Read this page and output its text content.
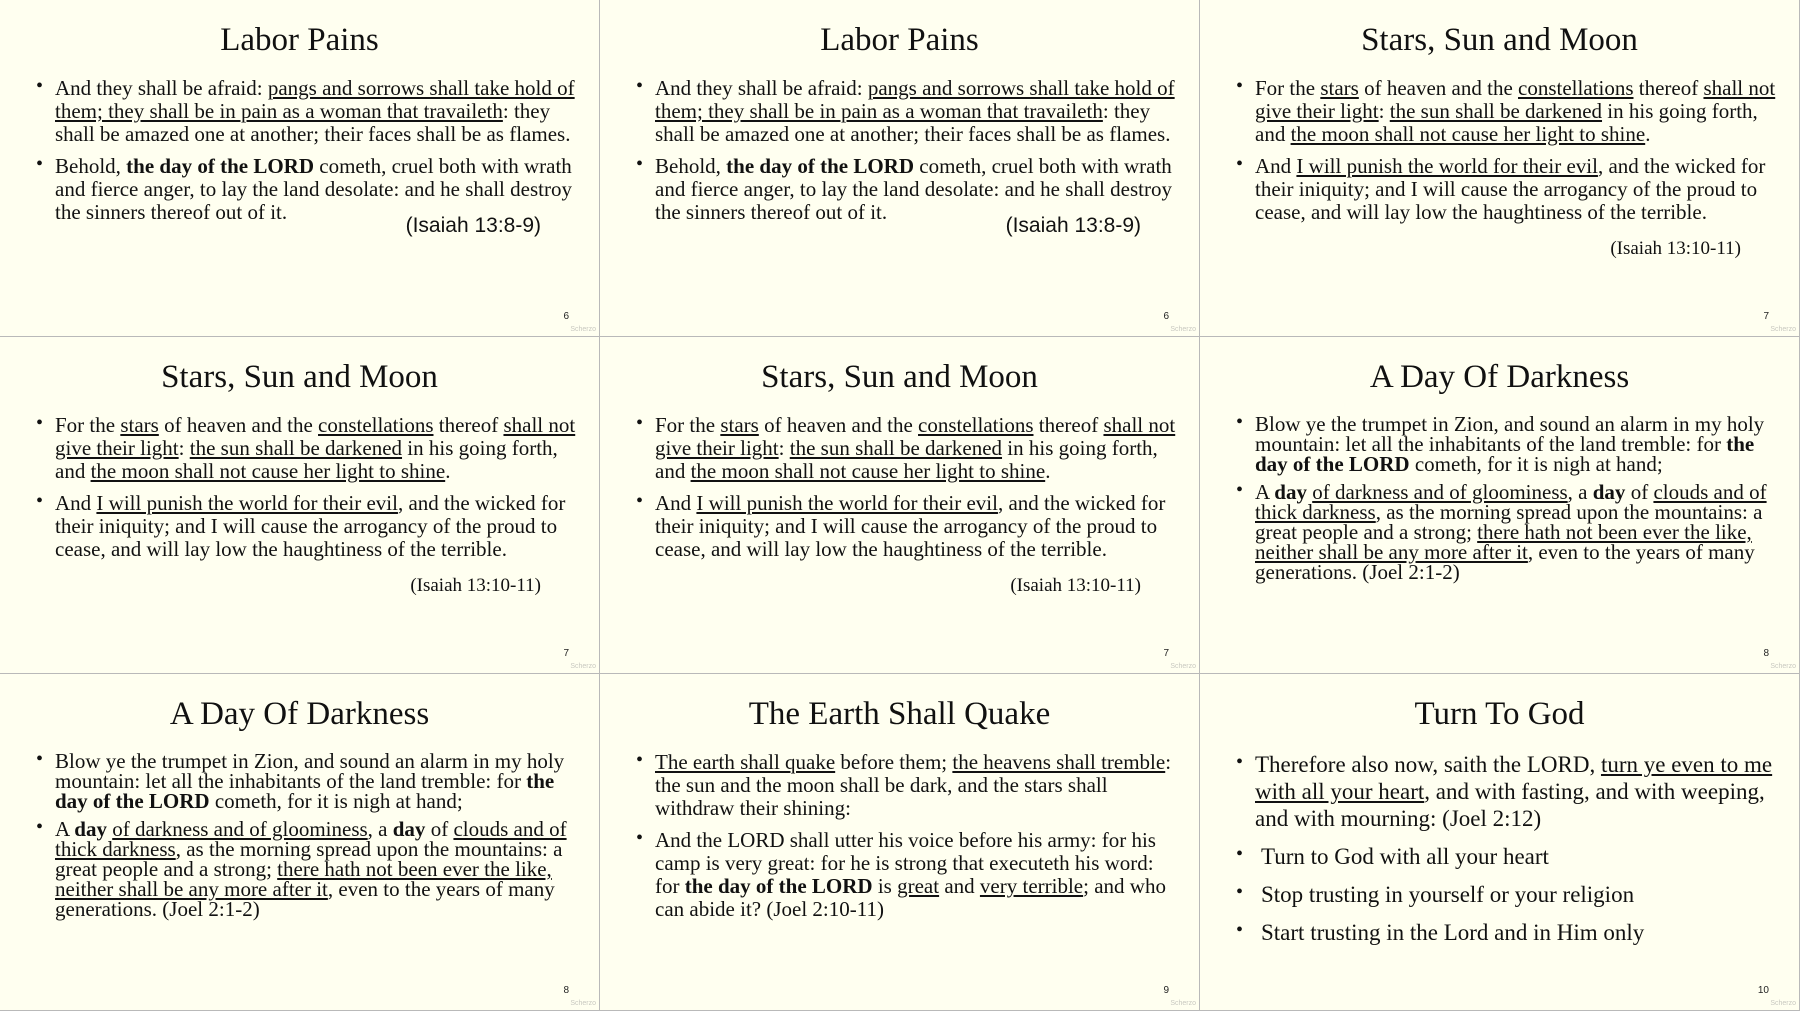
Labor Pains
• And they shall be afraid: pangs and sorrows shall take hold of them; they shall be in pain as a woman that travaileth: they shall be amazed one at another; their faces shall be as flames.
• Behold, the day of the LORD cometh, cruel both with wrath and fierce anger, to lay the land desolate: and he shall destroy the sinners thereof out of it.
(Isaiah 13:8-9)
6
Scherzo
Labor Pains
• And they shall be afraid: pangs and sorrows shall take hold of them; they shall be in pain as a woman that travaileth: they shall be amazed one at another; their faces shall be as flames.
• Behold, the day of the LORD cometh, cruel both with wrath and fierce anger, to lay the land desolate: and he shall destroy the sinners thereof out of it.
(Isaiah 13:8-9)
6
Scherzo
Stars, Sun and Moon
• For the stars of heaven and the constellations thereof shall not give their light: the sun shall be darkened in his going forth, and the moon shall not cause her light to shine.
• And I will punish the world for their evil, and the wicked for their iniquity; and I will cause the arrogancy of the proud to cease, and will lay low the haughtiness of the terrible.
(Isaiah 13:10-11)
7
Scherzo
Stars, Sun and Moon
• For the stars of heaven and the constellations thereof shall not give their light: the sun shall be darkened in his going forth, and the moon shall not cause her light to shine.
• And I will punish the world for their evil, and the wicked for their iniquity; and I will cause the arrogancy of the proud to cease, and will lay low the haughtiness of the terrible.
(Isaiah 13:10-11)
7
Scherzo
Stars, Sun and Moon
• For the stars of heaven and the constellations thereof shall not give their light: the sun shall be darkened in his going forth, and the moon shall not cause her light to shine.
• And I will punish the world for their evil, and the wicked for their iniquity; and I will cause the arrogancy of the proud to cease, and will lay low the haughtiness of the terrible.
(Isaiah 13:10-11)
7
Scherzo
A Day Of Darkness
• Blow ye the trumpet in Zion, and sound an alarm in my holy mountain: let all the inhabitants of the land tremble: for the day of the LORD cometh, for it is nigh at hand;
• A day of darkness and of gloominess, a day of clouds and of thick darkness, as the morning spread upon the mountains: a great people and a strong; there hath not been ever the like, neither shall be any more after it, even to the years of many generations. (Joel 2:1-2)
8
Scherzo
A Day Of Darkness
• Blow ye the trumpet in Zion, and sound an alarm in my holy mountain: let all the inhabitants of the land tremble: for the day of the LORD cometh, for it is nigh at hand;
• A day of darkness and of gloominess, a day of clouds and of thick darkness, as the morning spread upon the mountains: a great people and a strong; there hath not been ever the like, neither shall be any more after it, even to the years of many generations. (Joel 2:1-2)
8
Scherzo
The Earth Shall Quake
• The earth shall quake before them; the heavens shall tremble: the sun and the moon shall be dark, and the stars shall withdraw their shining:
• And the LORD shall utter his voice before his army: for his camp is very great: for he is strong that executeth his word: for the day of the LORD is great and very terrible; and who can abide it? (Joel 2:10-11)
9
Scherzo
Turn To God
• Therefore also now, saith the LORD, turn ye even to me with all your heart, and with fasting, and with weeping, and with mourning: (Joel 2:12)
• Turn to God with all your heart
• Stop trusting in yourself or your religion
• Start trusting in the Lord and in Him only
10
Scherzo
